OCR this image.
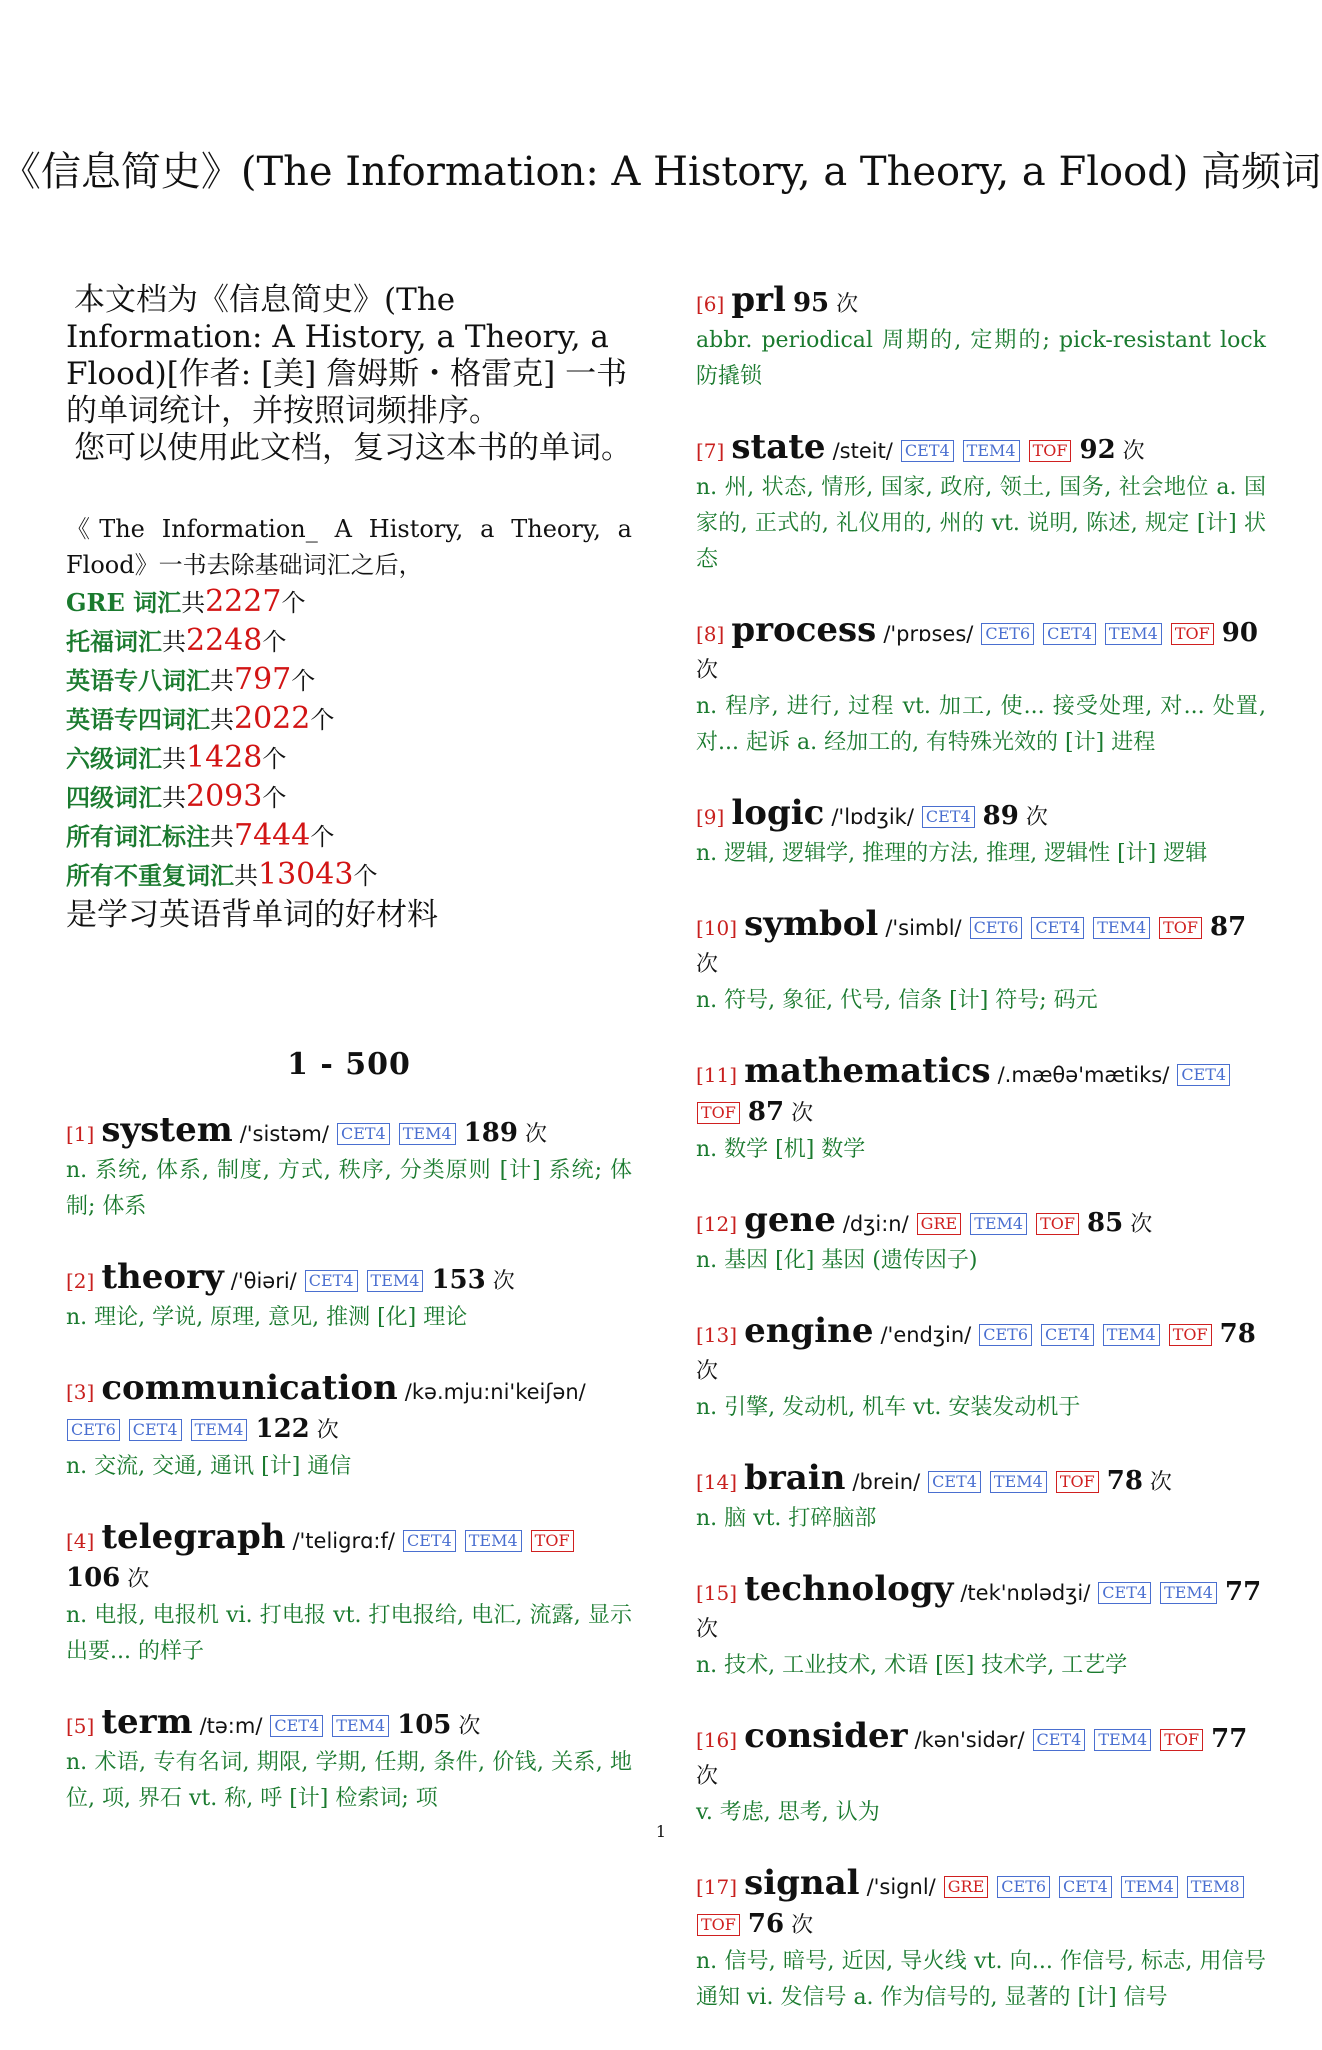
《信息简史》(The Information: A History, a Theory, a Flood) 高频词

本文档为《信息简史》(The Information: A History, a Theory, a Flood)[作者: [美] 詹姆斯・格雷克] 一书的单词统计，并按照词频排序。

您可以使用此文档，复习这本书的单词。

《The Information_ A History, a Theory, a Flood》一书去除基础词汇之后，
GRE 词汇共2227个
托福词汇共2248个
英语专八词汇共797个
英语专四词汇共2022个
六级词汇共1428个
四级词汇共2093个
所有词汇标注共7444个
所有不重复词汇共13043个
是学习英语背单词的好材料
1 - 500
[1] system /'sistəm/ CET4 TEM4 189 次
n. 系统, 体系, 制度, 方式, 秩序, 分类原则 [计] 系统; 体制; 体系
[2] theory /'θiəri/ CET4 TEM4 153 次
n. 理论, 学说, 原理, 意见, 推测 [化] 理论
[3] communication /kə.mju:ni'keiʃən/ CET6 CET4 TEM4 122 次
n. 交流, 交通, 通讯 [计] 通信
[4] telegraph /'teligrɑ:f/ CET4 TEM4 TOF 106 次
n. 电报, 电报机 vi. 打电报 vt. 打电报给, 电汇, 流露, 显示出要... 的样子
[5] term /tə:m/ CET4 TEM4 105 次
n. 术语, 专有名词, 期限, 学期, 任期, 条件, 价钱, 关系, 地位, 项, 界石 vt. 称, 呼 [计] 检索词; 项
[6] prl 95 次
abbr. periodical 周期的, 定期的; pick-resistant lock 防撬锁
[7] state /steit/ CET4 TEM4 TOF 92 次
n. 州, 状态, 情形, 国家, 政府, 领土, 国务, 社会地位 a. 国家的, 正式的, 礼仪用的, 州的 vt. 说明, 陈述, 规定 [计] 状态
[8] process /'prɒses/ CET6 CET4 TEM4 TOF 90 次
n. 程序, 进行, 过程 vt. 加工, 使... 接受处理, 对... 处置, 对... 起诉 a. 经加工的, 有特殊光效的 [计] 进程
[9] logic /'lɒdʒik/ CET4 89 次
n. 逻辑, 逻辑学, 推理的方法, 推理, 逻辑性 [计] 逻辑
[10] symbol /'simbl/ CET6 CET4 TEM4 TOF 87 次
n. 符号, 象征, 代号, 信条 [计] 符号; 码元
[11] mathematics /.mæθə'mætiks/ CET4 TOF 87 次
n. 数学 [机] 数学
[12] gene /dʒi:n/ GRE TEM4 TOF 85 次
n. 基因 [化] 基因 (遗传因子)
[13] engine /'endʒin/ CET6 CET4 TEM4 TOF 78 次
n. 引擎, 发动机, 机车 vt. 安装发动机于
[14] brain /brein/ CET4 TEM4 TOF 78 次
n. 脑 vt. 打碎脑部
[15] technology /tek'nɒlədʒi/ CET4 TEM4 77 次
n. 技术, 工业技术, 术语 [医] 技术学, 工艺学
[16] consider /kən'sidər/ CET4 TEM4 TOF 77 次
v. 考虑, 思考, 认为
[17] signal /'signl/ GRE CET6 CET4 TEM4 TEM8 TOF 76 次
n. 信号, 暗号, 近因, 导火线 vt. 向... 作信号, 标志, 用信号通知 vi. 发信号 a. 作为信号的, 显著的 [计] 信号
1
